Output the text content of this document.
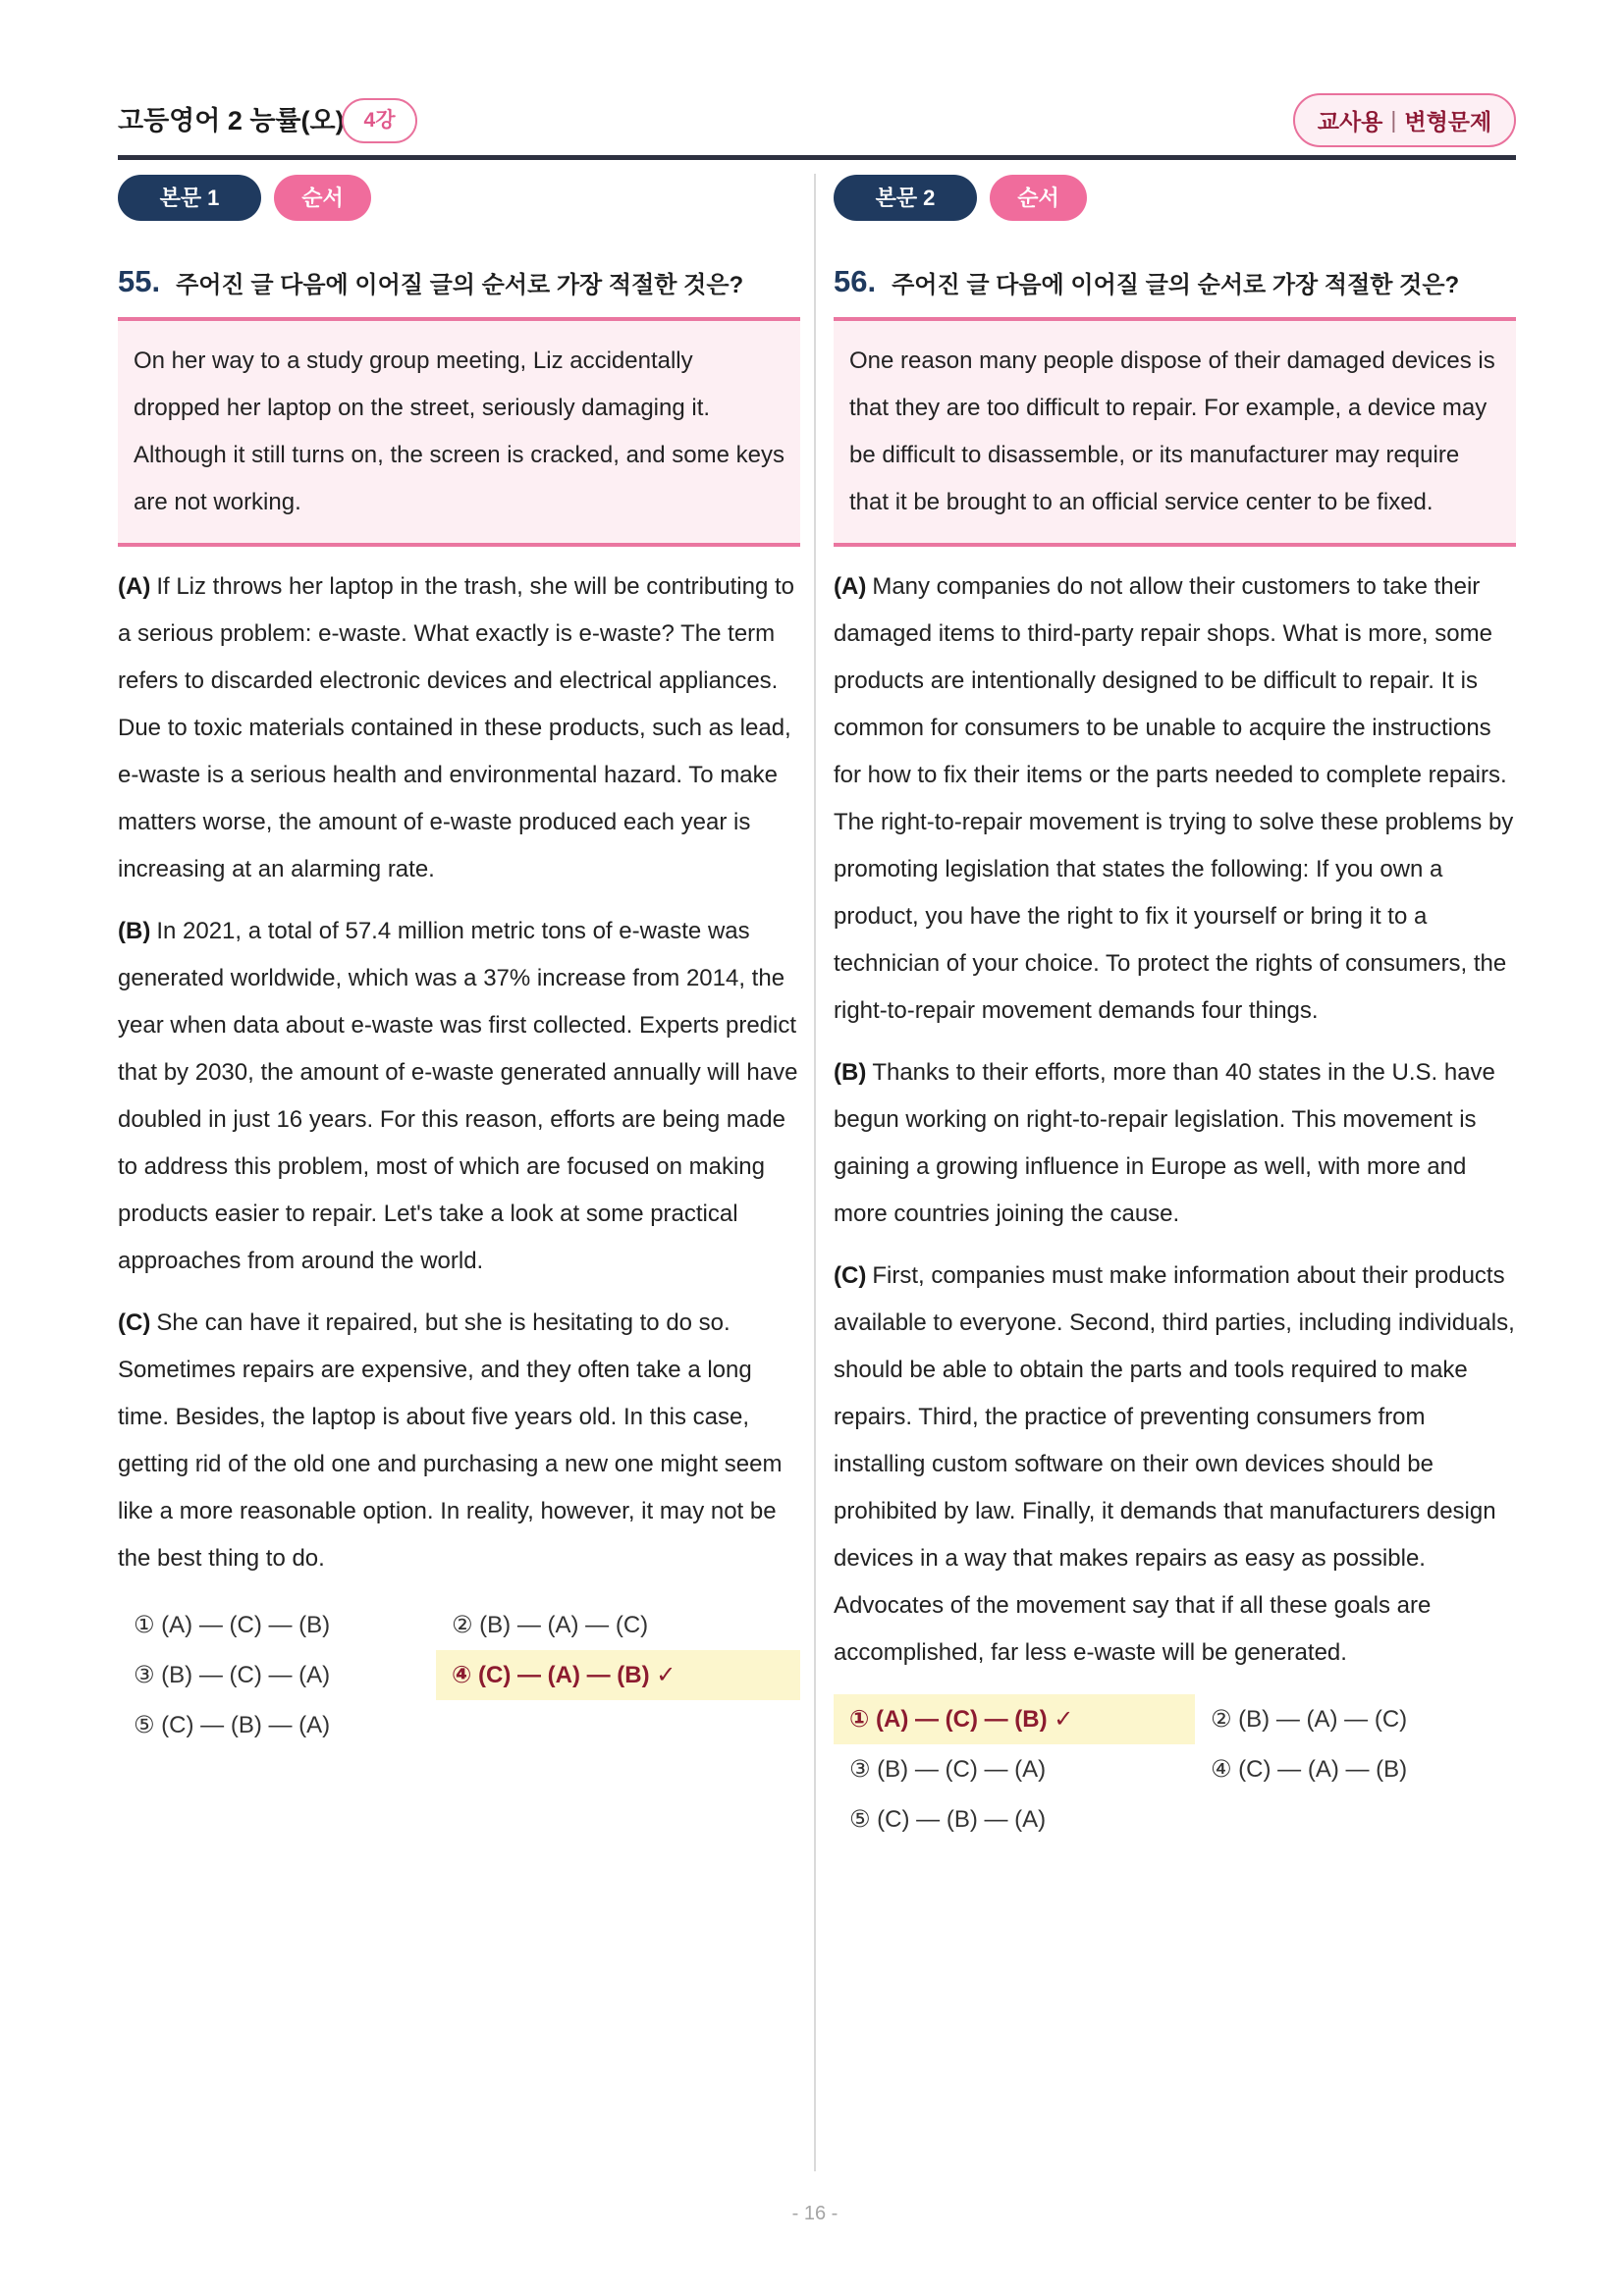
고등영어 2 능률(오) 4강	교사용 | 변형문제
본문 1	순서
55. 주어진 글 다음에 이어질 글의 순서로 가장 적절한 것은?
On her way to a study group meeting, Liz accidentally dropped her laptop on the street, seriously damaging it. Although it still turns on, the screen is cracked, and some keys are not working.

(A) If Liz throws her laptop in the trash, she will be contributing to a serious problem: e-waste. What exactly is e-waste? The term refers to discarded electronic devices and electrical appliances. Due to toxic materials contained in these products, such as lead, e-waste is a serious health and environmental hazard. To make matters worse, the amount of e-waste produced each year is increasing at an alarming rate.

(B) In 2021, a total of 57.4 million metric tons of e-waste was generated worldwide, which was a 37% increase from 2014, the year when data about e-waste was first collected. Experts predict that by 2030, the amount of e-waste generated annually will have doubled in just 16 years. For this reason, efforts are being made to address this problem, most of which are focused on making products easier to repair. Let's take a look at some practical approaches from around the world.

(C) She can have it repaired, but she is hesitating to do so. Sometimes repairs are expensive, and they often take a long time. Besides, the laptop is about five years old. In this case, getting rid of the old one and purchasing a new one might seem like a more reasonable option. In reality, however, it may not be the best thing to do.

① (A) — (C) — (B)	② (B) — (A) — (C)
③ (B) — (C) — (A)	④ (C) — (A) — (B) ✓
⑤ (C) — (B) — (A)
본문 2	순서
56. 주어진 글 다음에 이어질 글의 순서로 가장 적절한 것은?
One reason many people dispose of their damaged devices is that they are too difficult to repair. For example, a device may be difficult to disassemble, or its manufacturer may require that it be brought to an official service center to be fixed.

(A) Many companies do not allow their customers to take their damaged items to third-party repair shops. What is more, some products are intentionally designed to be difficult to repair. It is common for consumers to be unable to acquire the instructions for how to fix their items or the parts needed to complete repairs. The right-to-repair movement is trying to solve these problems by promoting legislation that states the following: If you own a product, you have the right to fix it yourself or bring it to a technician of your choice. To protect the rights of consumers, the right-to-repair movement demands four things.

(B) Thanks to their efforts, more than 40 states in the U.S. have begun working on right-to-repair legislation. This movement is gaining a growing influence in Europe as well, with more and more countries joining the cause.

(C) First, companies must make information about their products available to everyone. Second, third parties, including individuals, should be able to obtain the parts and tools required to make repairs. Third, the practice of preventing consumers from installing custom software on their own devices should be prohibited by law. Finally, it demands that manufacturers design devices in a way that makes repairs as easy as possible. Advocates of the movement say that if all these goals are accomplished, far less e-waste will be generated.

① (A) — (C) — (B) ✓	② (B) — (A) — (C)
③ (B) — (C) — (A)	④ (C) — (A) — (B)
⑤ (C) — (B) — (A)
- 16 -
